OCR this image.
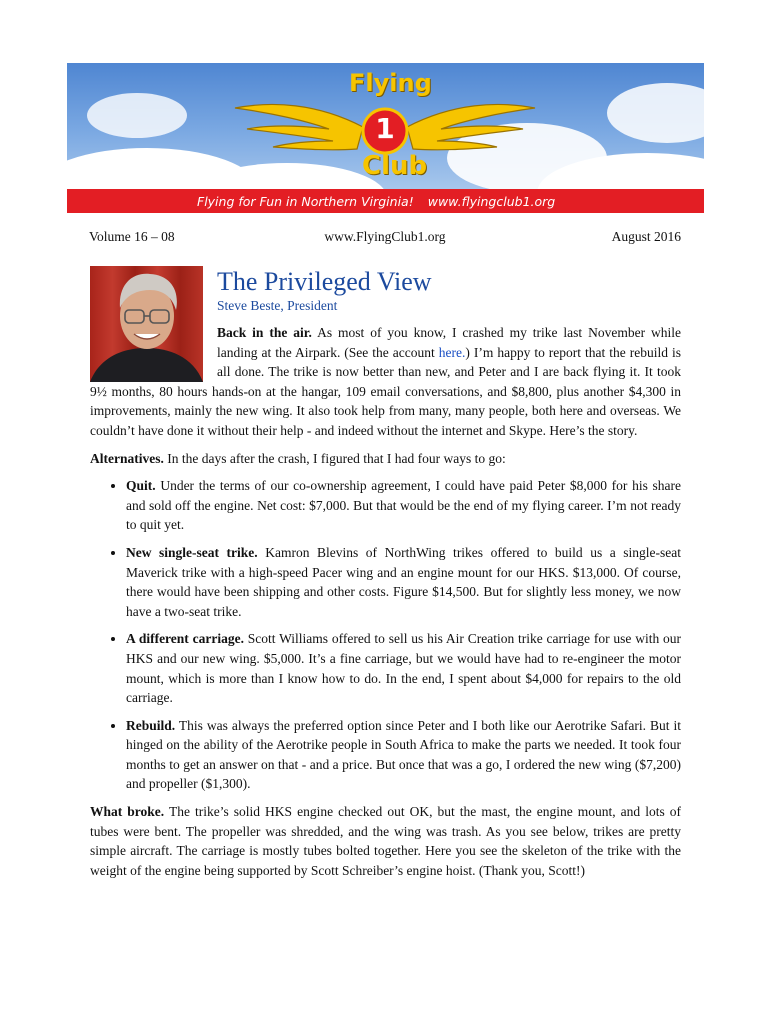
Flying
1
Club
Flying for Fun in Northern Virginia! www.flyingclub1.org
Volume 16 – 08	www.FlyingClub1.org	August 2016
The Privileged View
Steve Beste, President

Back in the air. As most of you know, I crashed my trike last November while landing at the Airpark. (See the account here.) I’m happy to report that the rebuild is all done. The trike is now better than new, and Peter and I are back flying it. It took 9½ months, 80 hours hands-on at the hangar, 109 email conversations, and $8,800, plus another $4,300 in improvements, mainly the new wing. It also took help from many, many people, both here and overseas. We couldn’t have done it without their help - and indeed without the internet and Skype. Here’s the story.

Alternatives. In the days after the crash, I figured that I had four ways to go:

• Quit. Under the terms of our co-ownership agreement, I could have paid Peter $8,000 for his share and sold off the engine. Net cost: $7,000. But that would be the end of my flying career. I’m not ready to quit yet.
• New single-seat trike. Kamron Blevins of NorthWing trikes offered to build us a single-seat Maverick trike with a high-speed Pacer wing and an engine mount for our HKS. $13,000. Of course, there would have been shipping and other costs. Figure $14,500. But for slightly less money, we now have a two-seat trike.
• A different carriage. Scott Williams offered to sell us his Air Creation trike carriage for use with our HKS and our new wing. $5,000. It’s a fine carriage, but we would have had to re-engineer the motor mount, which is more than I know how to do. In the end, I spent about $4,000 for repairs to the old carriage.
• Rebuild. This was always the preferred option since Peter and I both like our Aerotrike Safari. But it hinged on the ability of the Aerotrike people in South Africa to make the parts we needed. It took four months to get an answer on that - and a price. But once that was a go, I ordered the new wing ($7,200) and propeller ($1,300).

What broke. The trike’s solid HKS engine checked out OK, but the mast, the engine mount, and lots of tubes were bent. The propeller was shredded, and the wing was trash. As you see below, trikes are pretty simple aircraft. The carriage is mostly tubes bolted together. Here you see the skeleton of the trike with the weight of the engine being supported by Scott Schreiber’s engine hoist. (Thank you, Scott!)
